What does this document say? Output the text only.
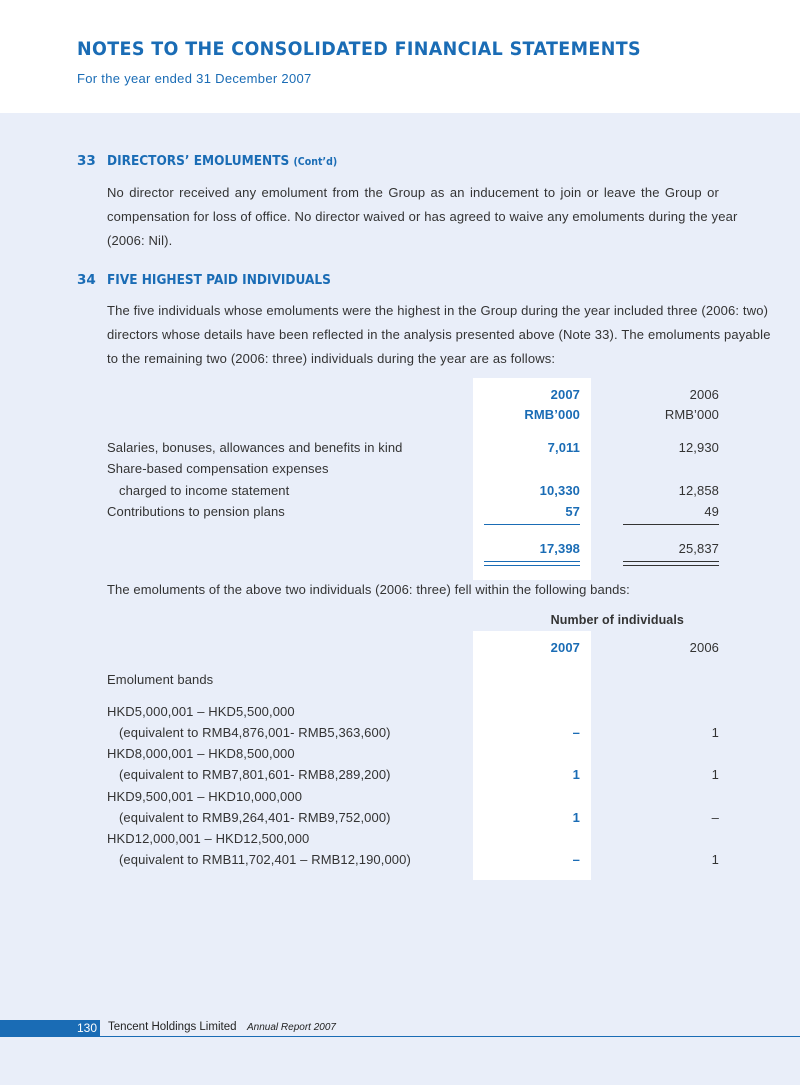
NOTES TO THE CONSOLIDATED FINANCIAL STATEMENTS
For the year ended 31 December 2007
33 DIRECTORS’ EMOLUMENTS (Cont’d)
No director received any emolument from the Group as an inducement to join or leave the Group or
compensation for loss of office. No director waived or has agreed to waive any emoluments during the year
(2006: Nil).
34 FIVE HIGHEST PAID INDIVIDUALS
The five individuals whose emoluments were the highest in the Group during the year included three (2006: two)
directors whose details have been reflected in the analysis presented above (Note 33). The emoluments payable
to the remaining two (2006: three) individuals during the year are as follows:
2007	2006
RMB’000	RMB’000
Salaries, bonuses, allowances and benefits in kind	7,011	12,930
Share-based compensation expenses
charged to income statement	10,330	12,858
Contributions to pension plans	57	49
17,398	25,837
The emoluments of the above two individuals (2006: three) fell within the following bands:
Number of individuals
2007	2006
Emolument bands
HKD5,000,001 – HKD5,500,000
(equivalent to RMB4,876,001- RMB5,363,600)	–	1
HKD8,000,001 – HKD8,500,000
(equivalent to RMB7,801,601- RMB8,289,200)	1	1
HKD9,500,001 – HKD10,000,000
(equivalent to RMB9,264,401- RMB9,752,000)	1	–
HKD12,000,001 – HKD12,500,000
(equivalent to RMB11,702,401 – RMB12,190,000)	–	1
130 Tencent Holdings Limited Annual Report 2007
